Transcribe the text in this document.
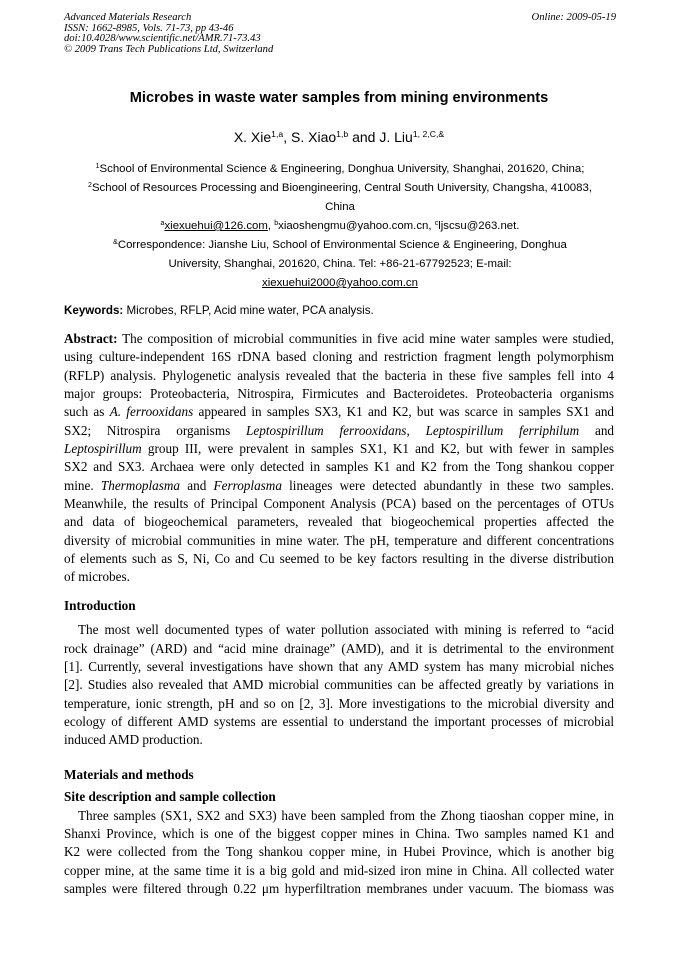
Advanced Materials Research
ISSN: 1662-8985, Vols. 71-73, pp 43-46
doi:10.4028/www.scientific.net/AMR.71-73.43
© 2009 Trans Tech Publications Ltd, Switzerland
Online: 2009-05-19
Microbes in waste water samples from mining environments
X. Xie$^{1,a}$, S. Xiao$^{1,b}$ and J. Liu$^{1, 2,C,\&}$
$^1$School of Environmental Science & Engineering, Donghua University, Shanghai, 201620, China;
$^2$School of Resources Processing and Bioengineering, Central South University, Changsha, 410083,
China
$^a$xiexuehui@126.com, $^b$xiaoshengmu@yahoo.com.cn, $^c$ljscsu@263.net.
&Correspondence: Jianshe Liu, School of Environmental Science & Engineering, Donghua
University, Shanghai, 201620, China. Tel: +86-21-67792523; E-mail:
xiexuehui2000@yahoo.com.cn
Keywords: Microbes, RFLP, Acid mine water, PCA analysis.
Abstract: The composition of microbial communities in five acid mine water samples were studied,
using culture-independent 16S rDNA based cloning and restriction fragment length polymorphism
(RFLP) analysis. Phylogenetic analysis revealed that the bacteria in these five samples fell into 4
major groups: Proteobacteria, Nitrospira, Firmicutes and Bacteroidetes. Proteobacteria organisms
such as A. ferrooxidans appeared in samples SX3, K1 and K2, but was scarce in samples SX1 and
SX2; Nitrospira organisms Leptospirillum ferrooxidans, Leptospirillum ferriphilum and
Leptospirillum group III, were prevalent in samples SX1, K1 and K2, but with fewer in samples
SX2 and SX3. Archaea were only detected in samples K1 and K2 from the Tong shankou copper
mine. Thermoplasma and Ferroplasma lineages were detected abundantly in these two samples.
Meanwhile, the results of Principal Component Analysis (PCA) based on the percentages of OTUs
and data of biogeochemical parameters, revealed that biogeochemical properties affected the
diversity of microbial communities in mine water. The pH, temperature and different concentrations
of elements such as S, Ni, Co and Cu seemed to be key factors resulting in the diverse distribution
of microbes.
Introduction
The most well documented types of water pollution associated with mining is referred to “acid
rock drainage” (ARD) and “acid mine drainage” (AMD), and it is detrimental to the environment
[1]. Currently, several investigations have shown that any AMD system has many microbial niches
[2]. Studies also revealed that AMD microbial communities can be affected greatly by variations in
temperature, ionic strength, pH and so on [2, 3]. More investigations to the microbial diversity and
ecology of different AMD systems are essential to understand the important processes of microbial
induced AMD production.
Materials and methods
Site description and sample collection
Three samples (SX1, SX2 and SX3) have been sampled from the Zhong tiaoshan copper mine, in
Shanxi Province, which is one of the biggest copper mines in China. Two samples named K1 and
K2 were collected from the Tong shankou copper mine, in Hubei Province, which is another big
copper mine, at the same time it is a big gold and mid-sized iron mine in China. All collected water
samples were filtered through 0.22 μm hyperfiltration membranes under vacuum. The biomass was
